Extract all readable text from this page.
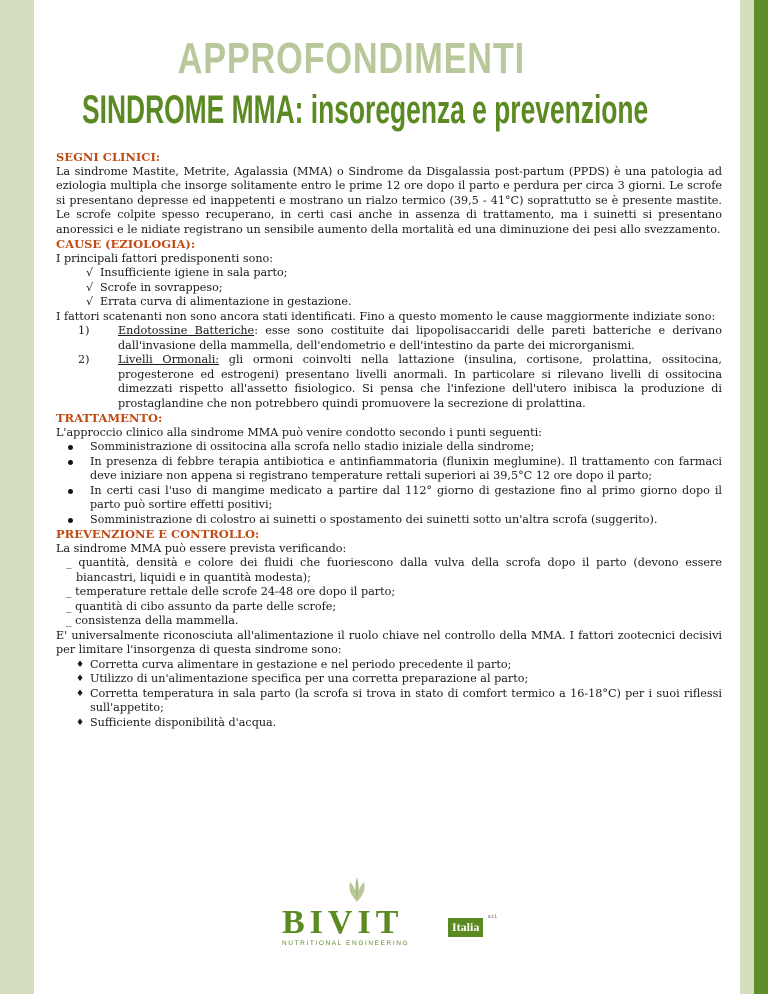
APPROFONDIMENTI
SINDROME MMA: insoregenza e prevenzione

SEGNI CLINICI:

La sindrome Mastite, Metrite, Agalassia (MMA) o Sindrome da Disgalassia post-partum (PPDS) è una patologia ad eziologia multipla che insorge solitamente entro le prime 12 ore dopo il parto e perdura per circa 3 giorni. Le scrofe si presentano depresse ed inappetenti e mostrano un rialzo termico (39,5 - 41°C) soprattutto se è presente mastite. Le scrofe colpite spesso recuperano, in certi casi anche in assenza di trattamento, ma i suinetti si presentano anoressici e le nidiate registrano un sensibile aumento della mortalità ed una diminuzione dei pesi allo svezzamento.

CAUSE (EZIOLOGIA):

I principali fattori predisponenti sono:

√ Insufficiente igiene in sala parto;
√ Scrofe in sovrappeso;
√ Errata curva di alimentazione in gestazione.

I fattori scatenanti non sono ancora stati identificati. Fino a questo momento le cause maggiormente indiziate sono:

1)	Endotossine Batteriche: esse sono costituite dai lipopolisaccaridi delle pareti batteriche e derivano dall'invasione della mammella, dell'endometrio e dell'intestino da parte dei microrganismi.
2)	Livelli Ormonali: gli ormoni coinvolti nella lattazione (insulina, cortisone, prolattina, ossitocina, progesterone ed estrogeni) presentano livelli anormali. In particolare si rilevano livelli di ossitocina dimezzati rispetto all'assetto fisiologico. Si pensa che l'infezione dell'utero inibisca la produzione di prostaglandine che non potrebbero quindi promuovere la secrezione di prolattina.

TRATTAMENTO:

L'approccio clinico alla sindrome MMA può venire condotto secondo i punti seguenti:

Somministrazione di ossitocina alla scrofa nello stadio iniziale della sindrome;
In presenza di febbre terapia antibiotica e antinfiammatoria (flunixin meglumine). Il trattamento con farmaci deve iniziare non appena si registrano temperature rettali superiori ai 39,5°C 12 ore dopo il parto;
In certi casi l'uso di mangime medicato a partire dal 112° giorno di gestazione fino al primo giorno dopo il parto può sortire effetti positivi;
Somministrazione di colostro ai suinetti o spostamento dei suinetti sotto un'altra scrofa (suggerito).

PREVENZIONE E CONTROLLO:

La sindrome MMA può essere prevista verificando:

_ quantità, densità e colore dei fluidi che fuoriescono dalla vulva della scrofa dopo il parto (devono essere biancastri, liquidi e in quantità modesta);
_ temperature rettale delle scrofe 24-48 ore dopo il parto;
_ quantità di cibo assunto da parte delle scrofe;
_ consistenza della mammella.

E' universalmente riconosciuta all'alimentazione il ruolo chiave nel controllo della MMA. I fattori zootecnici decisivi per limitare l'insorgenza di questa sindrome sono:

♦ Corretta curva alimentare in gestazione e nel periodo precedente il parto;
♦ Utilizzo di un'alimentazione specifica per una corretta preparazione al parto;
♦ Corretta temperatura in sala parto (la scrofa si trova in stato di comfort termico a 16-18°C) per i suoi riflessi sull'appetito;
♦ Sufficiente disponibilità d'acqua.
BIVIT
NUTRITIONAL ENGINEERING
Italia
s.r.l.
